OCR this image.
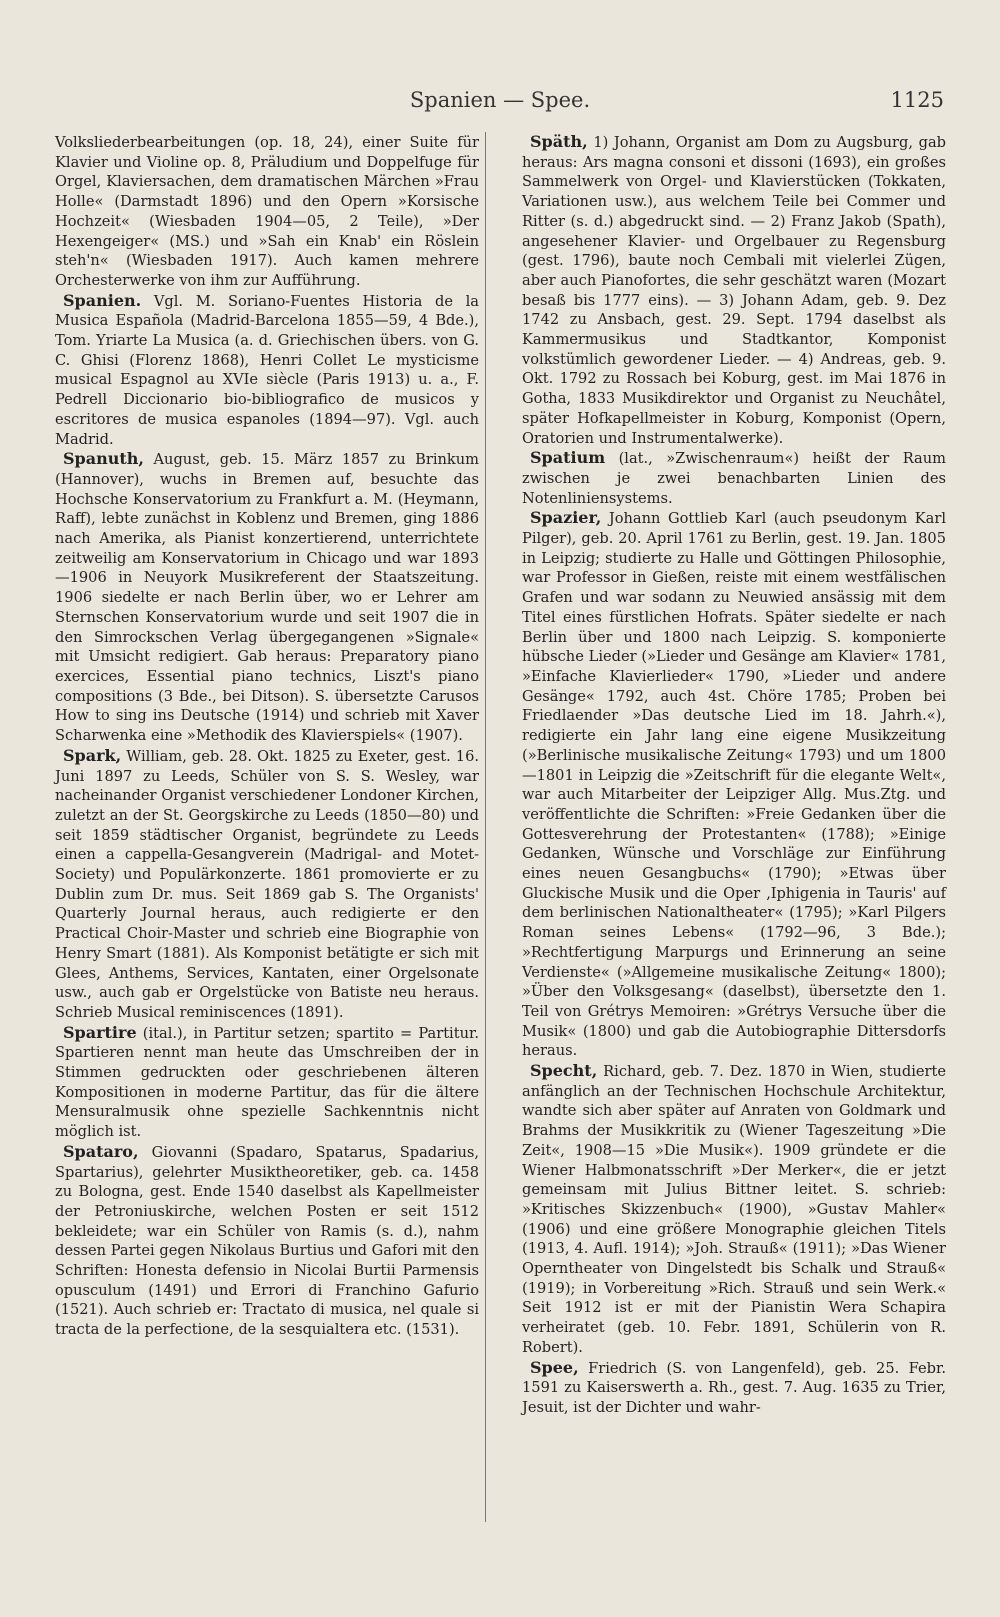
Spanien — Spee.	1125

Volksliederbearbeitungen (op. 18, 24), einer Suite für Klavier und Violine op. 8, Präludium und Doppelfuge für Orgel, Klaviersachen, dem dramatischen Märchen »Frau Holle« (Darmstadt 1896) und den Opern »Korsische Hochzeit« (Wiesbaden 1904—05, 2 Teile), »Der Hexengeiger« (MS.) und »Sah ein Knab' ein Röslein steh'n« (Wiesbaden 1917). Auch kamen mehrere Orchesterwerke von ihm zur Aufführung.

Spanien. Vgl. M. Soriano-Fuentes Historia de la Musica Española (Madrid-Barcelona 1855—59, 4 Bde.), Tom. Yriarte La Musica (a. d. Griechischen übers. von G. C. Ghisi (Florenz 1868), Henri Collet Le mysticisme musical Espagnol au XVIe siècle (Paris 1913) u. a., F. Pedrell Diccionario bio-bibliografico de musicos y escritores de musica espanoles (1894—97). Vgl. auch Madrid.

Spanuth, August, geb. 15. März 1857 zu Brinkum (Hannover), wuchs in Bremen auf, besuchte das Hochsche Konservatorium zu Frankfurt a. M. (Heymann, Raff), lebte zunächst in Koblenz und Bremen, ging 1886 nach Amerika, als Pianist konzertierend, unterrichtete zeitweilig am Konservatorium in Chicago und war 1893—1906 in Neuyork Musikreferent der Staatszeitung. 1906 siedelte er nach Berlin über, wo er Lehrer am Sternschen Konservatorium wurde und seit 1907 die in den Simrockschen Verlag übergegangenen »Signale« mit Umsicht redigiert. Gab heraus: Preparatory piano exercices, Essential piano technics, Liszt's piano compositions (3 Bde., bei Ditson). S. übersetzte Carusos How to sing ins Deutsche (1914) und schrieb mit Xaver Scharwenka eine »Methodik des Klavierspiels« (1907).

Spark, William, geb. 28. Okt. 1825 zu Exeter, gest. 16. Juni 1897 zu Leeds, Schüler von S. S. Wesley, war nacheinander Organist verschiedener Londoner Kirchen, zuletzt an der St. Georgskirche zu Leeds (1850—80) und seit 1859 städtischer Organist, begründete zu Leeds einen a cappella-Gesangverein (Madrigal- and Motet-Society) und Populärkonzerte. 1861 promovierte er zu Dublin zum Dr. mus. Seit 1869 gab S. The Organists' Quarterly Journal heraus, auch redigierte er den Practical Choir-Master und schrieb eine Biographie von Henry Smart (1881). Als Komponist betätigte er sich mit Glees, Anthems, Services, Kantaten, einer Orgelsonate usw., auch gab er Orgelstücke von Batiste neu heraus. Schrieb Musical reminiscences (1891).

Spartire (ital.), in Partitur setzen; spartito = Partitur. Spartieren nennt man heute das Umschreiben der in Stimmen gedruckten oder geschriebenen älteren Kompositionen in moderne Partitur, das für die ältere Mensuralmusik ohne spezielle Sachkenntnis nicht möglich ist.

Spataro, Giovanni (Spadaro, Spatarus, Spadarius, Spartarius), gelehrter Musiktheoretiker, geb. ca. 1458 zu Bologna, gest. Ende 1540 daselbst als Kapellmeister der Petroniuskirche, welchen Posten er seit 1512 bekleidete; war ein Schüler von Ramis (s. d.), nahm dessen Partei gegen Nikolaus Burtius und Gafori mit den Schriften: Honesta defensio in Nicolai Burtii Parmensis opusculum (1491) und Errori di Franchino Gafurio (1521). Auch schrieb er: Tractato di musica, nel quale si tracta de la perfectione, de la sesquialtera etc. (1531).

Späth, 1) Johann, Organist am Dom zu Augsburg, gab heraus: Ars magna consoni et dissoni (1693), ein großes Sammelwerk von Orgel- und Klavierstücken (Tokkaten, Variationen usw.), aus welchem Teile bei Commer und Ritter (s. d.) abgedruckt sind. — 2) Franz Jakob (Spath), angesehener Klavier- und Orgelbauer zu Regensburg (gest. 1796), baute noch Cembali mit vielerlei Zügen, aber auch Pianofortes, die sehr geschätzt waren (Mozart besaß bis 1777 eins). — 3) Johann Adam, geb. 9. Dez 1742 zu Ansbach, gest. 29. Sept. 1794 daselbst als Kammermusikus und Stadtkantor, Komponist volkstümlich gewordener Lieder. — 4) Andreas, geb. 9. Okt. 1792 zu Rossach bei Koburg, gest. im Mai 1876 in Gotha, 1833 Musikdirektor und Organist zu Neuchâtel, später Hofkapellmeister in Koburg, Komponist (Opern, Oratorien und Instrumentalwerke).

Spatium (lat., »Zwischenraum«) heißt der Raum zwischen je zwei benachbarten Linien des Notenliniensystems.

Spazier, Johann Gottlieb Karl (auch pseudonym Karl Pilger), geb. 20. April 1761 zu Berlin, gest. 19. Jan. 1805 in Leipzig; studierte zu Halle und Göttingen Philosophie, war Professor in Gießen, reiste mit einem westfälischen Grafen und war sodann zu Neuwied ansässig mit dem Titel eines fürstlichen Hofrats. Später siedelte er nach Berlin über und 1800 nach Leipzig. S. komponierte hübsche Lieder (»Lieder und Gesänge am Klavier« 1781, »Einfache Klavierlieder« 1790, »Lieder und andere Gesänge« 1792, auch 4st. Chöre 1785; Proben bei Friedlaender »Das deutsche Lied im 18. Jahrh.«), redigierte ein Jahr lang eine eigene Musikzeitung (»Berlinische musikalische Zeitung« 1793) und um 1800—1801 in Leipzig die »Zeitschrift für die elegante Welt«, war auch Mitarbeiter der Leipziger Allg. Mus.Ztg. und veröffentlichte die Schriften: »Freie Gedanken über die Gottesverehrung der Protestanten« (1788); »Einige Gedanken, Wünsche und Vorschläge zur Einführung eines neuen Gesangbuchs« (1790); »Etwas über Gluckische Musik und die Oper ‚Iphigenia in Tauris' auf dem berlinischen Nationaltheater« (1795); »Karl Pilgers Roman seines Lebens« (1792—96, 3 Bde.); »Rechtfertigung Marpurgs und Erinnerung an seine Verdienste« (»Allgemeine musikalische Zeitung« 1800); »Über den Volksgesang« (daselbst), übersetzte den 1. Teil von Grétrys Memoiren: »Grétrys Versuche über die Musik« (1800) und gab die Autobiographie Dittersdorfs heraus.

Specht, Richard, geb. 7. Dez. 1870 in Wien, studierte anfänglich an der Technischen Hochschule Architektur, wandte sich aber später auf Anraten von Goldmark und Brahms der Musikkritik zu (Wiener Tageszeitung »Die Zeit«, 1908—15 »Die Musik«). 1909 gründete er die Wiener Halbmonatsschrift »Der Merker«, die er jetzt gemeinsam mit Julius Bittner leitet. S. schrieb: »Kritisches Skizzenbuch« (1900), »Gustav Mahler« (1906) und eine größere Monographie gleichen Titels (1913, 4. Aufl. 1914); »Joh. Strauß« (1911); »Das Wiener Operntheater von Dingelstedt bis Schalk und Strauß« (1919); in Vorbereitung »Rich. Strauß und sein Werk.« Seit 1912 ist er mit der Pianistin Wera Schapira verheiratet (geb. 10. Febr. 1891, Schülerin von R. Robert).

Spee, Friedrich (S. von Langenfeld), geb. 25. Febr. 1591 zu Kaiserswerth a. Rh., gest. 7. Aug. 1635 zu Trier, Jesuit, ist der Dichter und wahr-
